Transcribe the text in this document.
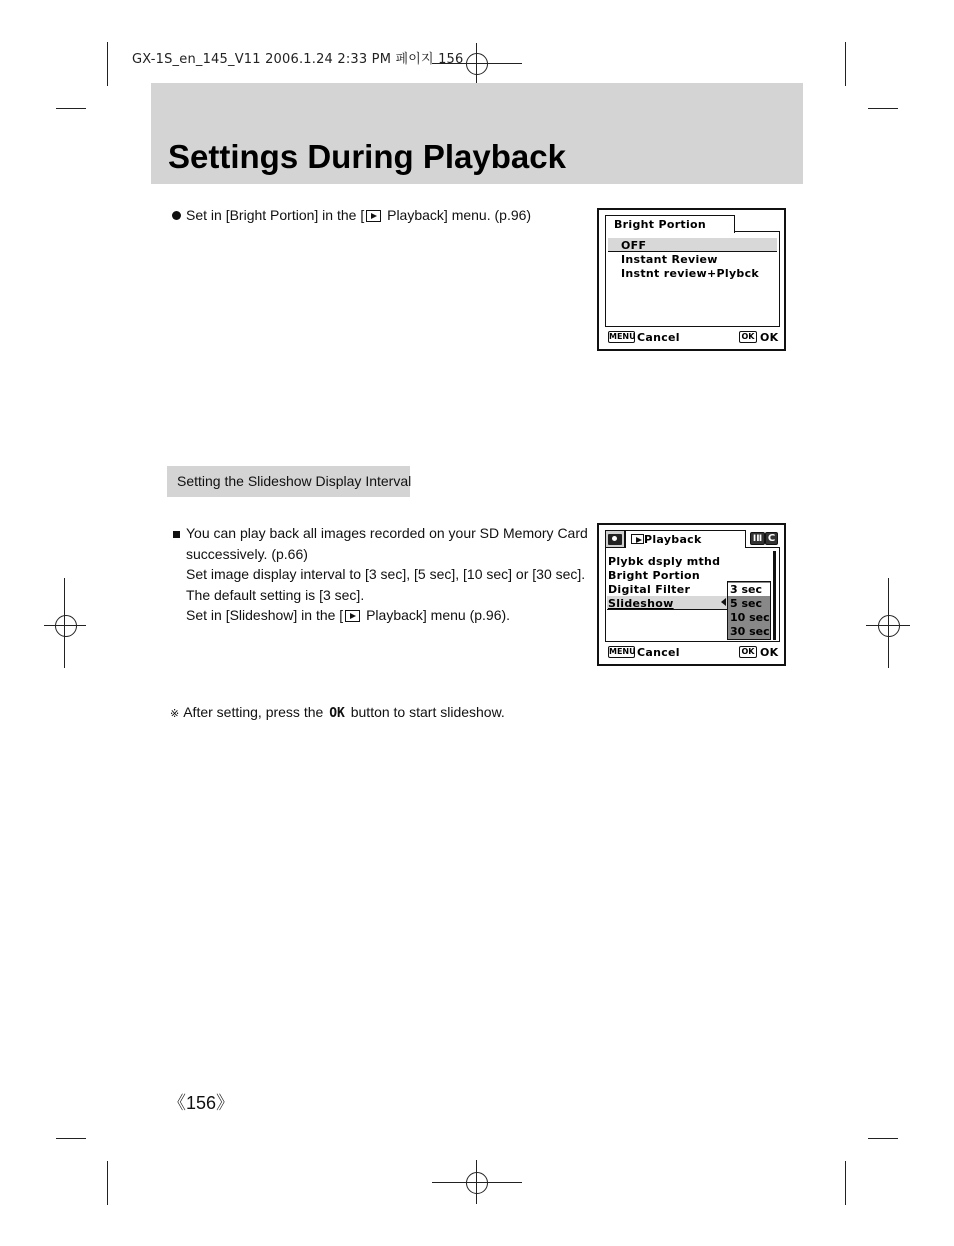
GX-1S_en_145_V11 2006.1.24 2:33 PM 페이지 156
Settings During Playback
Set in [Bright Portion] in the [ Playback] menu. (p.96)
Bright Portion
OFF
Instant Review
Instnt review+Plybck
MENU Cancel	OK OK
Setting the Slideshow Display Interval
You can play back all images recorded on your SD Memory Card
successively. (p.66)
Set image display interval to [3 sec], [5 sec], [10 sec] or [30 sec].
The default setting is [3 sec].
Set in [Slideshow] in the [ Playback] menu (p.96).
Playback	ⅠⅡ C
Plybk dsply mthd
Bright Portion
Digital Filter
Slideshow
3 sec
5 sec
10 sec
30 sec
MENU Cancel	OK OK
※ After setting, press the OK button to start slideshow.
《156》
